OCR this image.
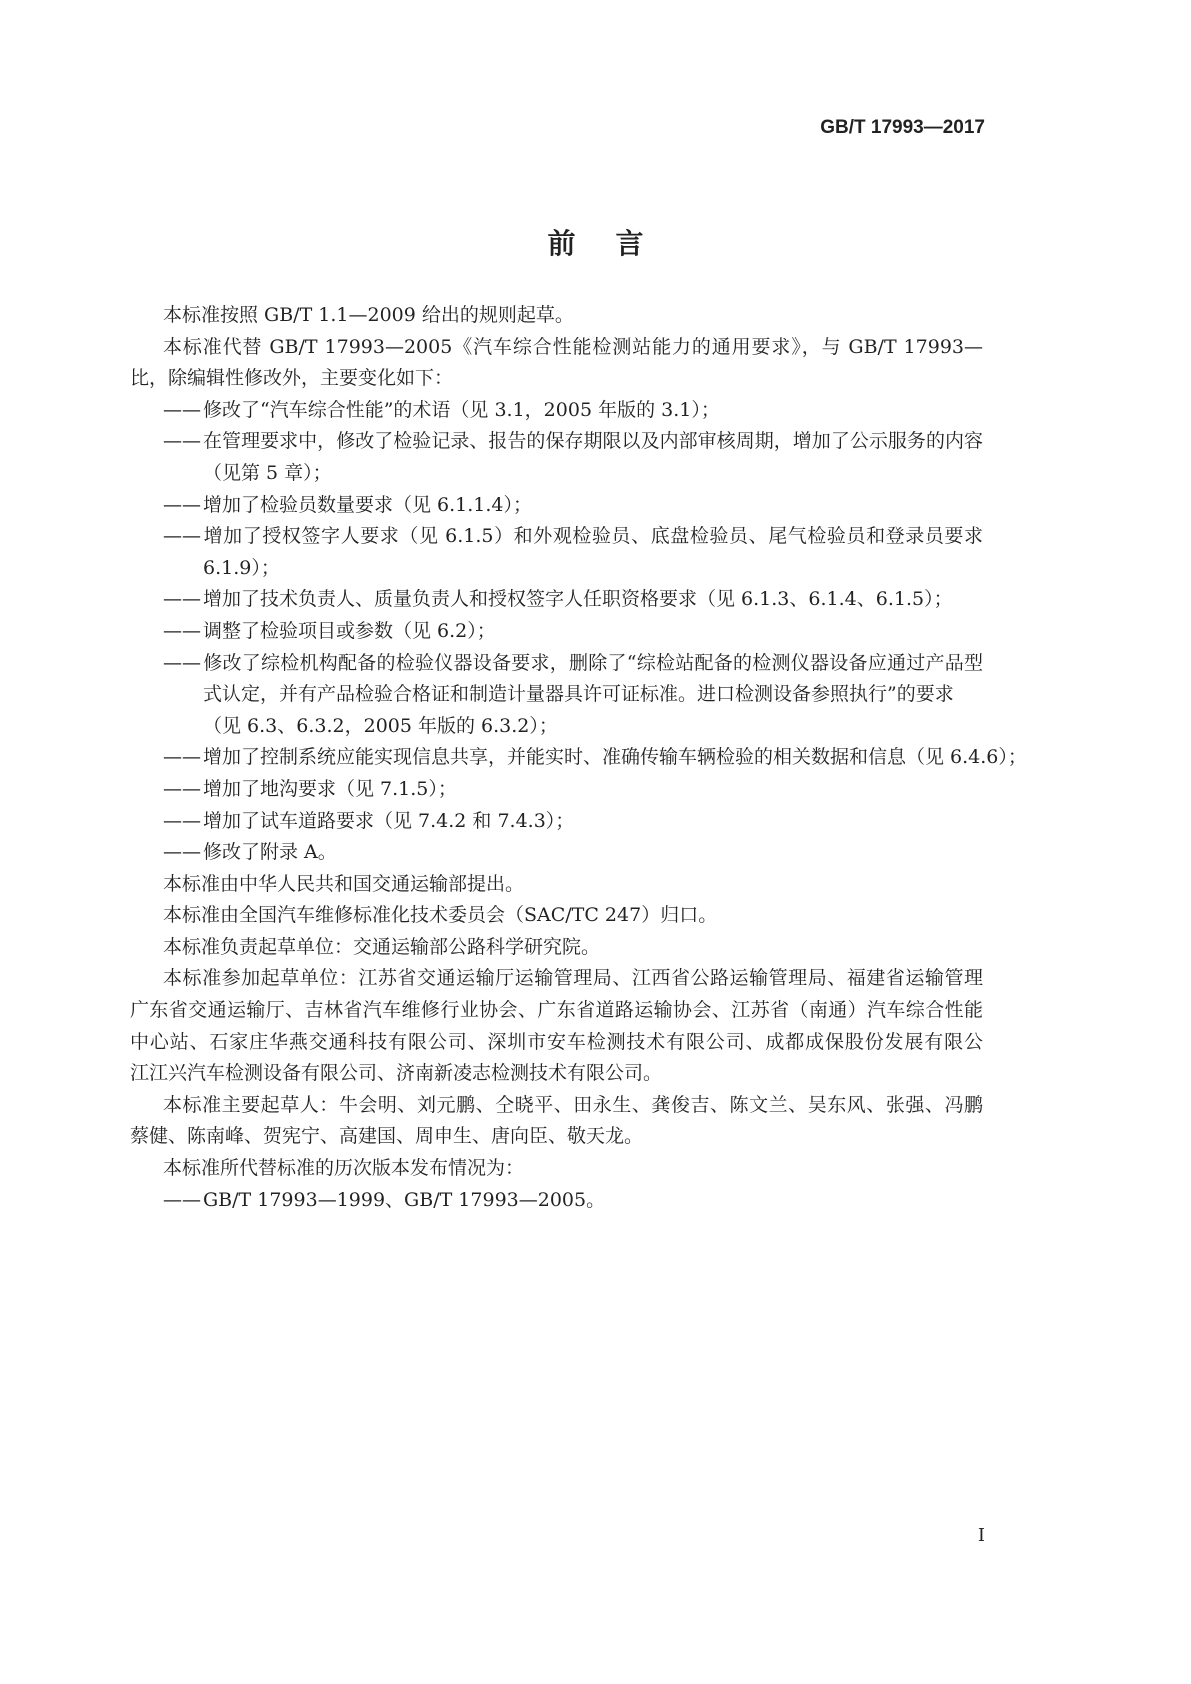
GB/T 17993—2017
前言
本标准按照 GB/T 1.1—2009 给出的规则起草。
本标准代替 GB/T 17993—2005《汽车综合性能检测站能力的通用要求》，与 GB/T 17993—
比，除编辑性修改外，主要变化如下：
—— 修改了“汽车综合性能”的术语（见 3.1，2005 年版的 3.1）；
—— 在管理要求中，修改了检验记录、报告的保存期限以及内部审核周期，增加了公示服务的内容
（见第 5 章）；
—— 增加了检验员数量要求（见 6.1.1.4）；
—— 增加了授权签字人要求（见 6.1.5）和外观检验员、底盘检验员、尾气检验员和登录员要求
6.1.9）；
—— 增加了技术负责人、质量负责人和授权签字人任职资格要求（见 6.1.3、6.1.4、6.1.5）；
—— 调整了检验项目或参数（见 6.2）；
—— 修改了综检机构配备的检验仪器设备要求，删除了“综检站配备的检测仪器设备应通过产品型
式认定，并有产品检验合格证和制造计量器具许可证标准。进口检测设备参照执行”的要求
（见 6.3、6.3.2，2005 年版的 6.3.2）；
—— 增加了控制系统应能实现信息共享，并能实时、准确传输车辆检验的相关数据和信息（见 6.4.6）；
—— 增加了地沟要求（见 7.1.5）；
—— 增加了试车道路要求（见 7.4.2 和 7.4.3）；
—— 修改了附录 A。
本标准由中华人民共和国交通运输部提出。
本标准由全国汽车维修标准化技术委员会（SAC/TC 247）归口。
本标准负责起草单位：交通运输部公路科学研究院。
本标准参加起草单位：江苏省交通运输厅运输管理局、江西省公路运输管理局、福建省运输管理
广东省交通运输厅、吉林省汽车维修行业协会、广东省道路运输协会、江苏省（南通）汽车综合性能
中心站、石家庄华燕交通科技有限公司、深圳市安车检测技术有限公司、成都成保股份发展有限公
江江兴汽车检测设备有限公司、济南新凌志检测技术有限公司。
本标准主要起草人：牛会明、刘元鹏、仝晓平、田永生、龚俊吉、陈文兰、吴东风、张强、冯鹏
蔡健、陈南峰、贺宪宁、高建国、周申生、唐向臣、敬天龙。
本标准所代替标准的历次版本发布情况为：
—— GB/T 17993—1999、GB/T 17993—2005。
I
